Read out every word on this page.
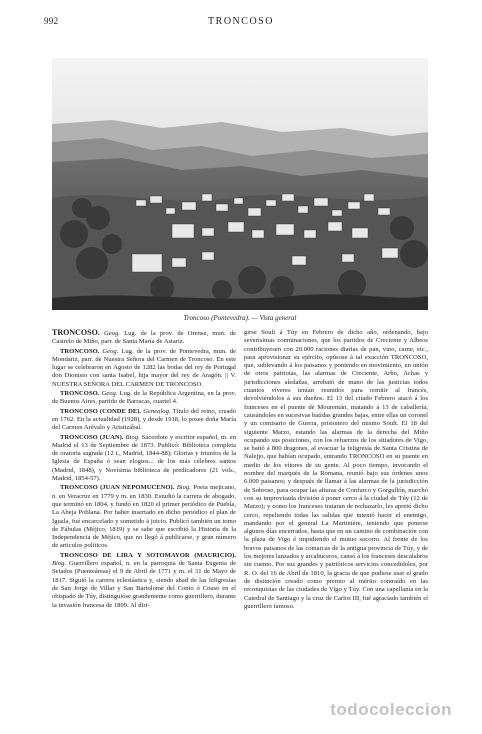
992	TRONCOSO
Troncoso (Pontevedra). — Vista general

TRONCOSO. Geog. Lug. de la prov. de Orense, mun. de Castrelo de Miño, parr. de Santa María de Astariz.

TRONCOSO. Geog. Lug. de la prov. de Pontevedra, mun. de Mondariz, parr. de Nuestra Señora del Carmen de Troncoso. En este lugar se celebraron en Agosto de 1282 las bodas del rey de Portugal don Dionisio con santa Isabel, hija mayor del rey de Aragón. || V. NUESTRA SEÑORA DEL CARMEN DE TRONCOSO.

TRONCOSO. Geog. Lug. de la República Argentina, en la prov. de Buenos Aires, partido de Barracas, cuartel 4.

TRONCOSO (CONDE DE). Genealog. Título del reino, creado en 1762. En la actualidad (1928), y desde 1918, lo posee doña María del Carmen Arévalo y Aristizábal.

TRONCOSO (JUAN). Biog. Sacerdote y escritor español, m. en Madrid el 13 de Septiembre de 1873. Publicó: Biblioteca completa de oratoria sagrada (12 t., Madrid, 1844-88); Glorias y triunfos de la Iglesia de España ó sean elogios... de los más célebres santos (Madrid, 1848), y Novísima biblioteca de predicadores (21 vols., Madrid, 1854-57).

TRONCOSO (JUAN NEPOMUCENO). Biog. Poeta mejicano, n. en Veracruz en 1779 y m. en 1830. Estudió la carrera de abogado, que terminó en 1804, y fundó en 1820 el primer periódico de Puebla, La Abeja Poblana. Por haber insertado en dicho periódico el plan de Iguala, fué encarcelado y sometido á juicio. Publicó también un tomo de Fábulas (Méjico, 1819) y se sabe que escribió la Historia de la Independencia de Méjico, que no llegó á publicarse, y gran número de artículos políticos.

TRONCOSO DE LIRA Y SOTOMAYOR (MAURICIO). Biog. Guerrillero español, n. en la parroquia de Santa Eugenia de Setados (Puenteáreas) el 9 de Abril de 1771 y m. el 31 de Mayo de 1817. Siguió la carrera eclesiástica y, siendo abad de las feligresías de San Jorge de Villar y San Bartolomé del Conto ó Couso en el obispado de Túy, distinguióse grandemente como guerrillero, durante la invasión francesa de 1809. Al diri-

girse Soult á Túy en Febrero de dicho año, ordenando, bajo severísimas conminaciones, que los partidos de Creciente y Albeos contribuyesen con 20.000 raciones diarias de pan, vino, carne, etc., para aprovisionar su ejército, opúsose á tal exacción TRONCOSO, que, sublevando á los paisanos y poniendo en movimiento, en unión de otros patriotas, las alarmas de Creciente, Arbo, Achas y jurisdicciones aledañas, arrebató de mano de las justicias todos cuantos víveres tenían reunidos para remitir al francés, devolviéndolos á sus dueños. El 13 del citado Febrero atacó á los franceses en el puente de Mourentán, matando á 13 de caballería; causándoles en sucesivas batidas grandes bajas, entre ellas un coronel y un comisario de Guerra, prisionero del mismo Soult. El 18 del siguiente Marzo, estando las alarmas de la derecha del Miño ocupando sus posiciones, con los refuerzos de los sitiadores de Vigo, se batió á 800 dragones, al evacuar la feligresía de Santa Cristina de Nalejjo, que habían ocupado, entrando TRONCOSO en su puente en medio de los vítores de su gente. Al poco tiempo, invocando el nombre del marqués de la Romana, reunió bajo sus órdenes unos 6.000 paisanos; y después de llamar á las alarmas de la jurisdicción de Sobroso, para ocupar las alturas de Confurco y Gorgullón, marchó con su improvisada división á poner cerco á la ciudad de Túy (12 de Marzo); y como los franceses trataran de rechazarlo, les apretó dicho cerco, repeliendo todas las salidas que intentó hacer el enemigo, mandando por el general La Martinière, teniendo que ponerse algunos días encerrados, hasta que en un camino de combinación con la plaza de Vigo é impidiendo el mutuo socorro. Al frente de los bravos paisanos de las comarcas de la antigua provincia de Túy, y de los mejores lanzados y arcabuceros, cansó á los franceses descalabros sin cuento. Por sus grandes y patrióticos servicios concedidoles, por R. O. del 16 de Abril de 1810, la gracia de que pudiese usar el grado de distinción creado como premio al mérito contraído en las reconquistas de las ciudades de Vigo y Túy. Con una capellanía en la Catedral de Santiago y la cruz de Carlos III, fué agraciado también el guerrillero famoso.

todocoleccion
